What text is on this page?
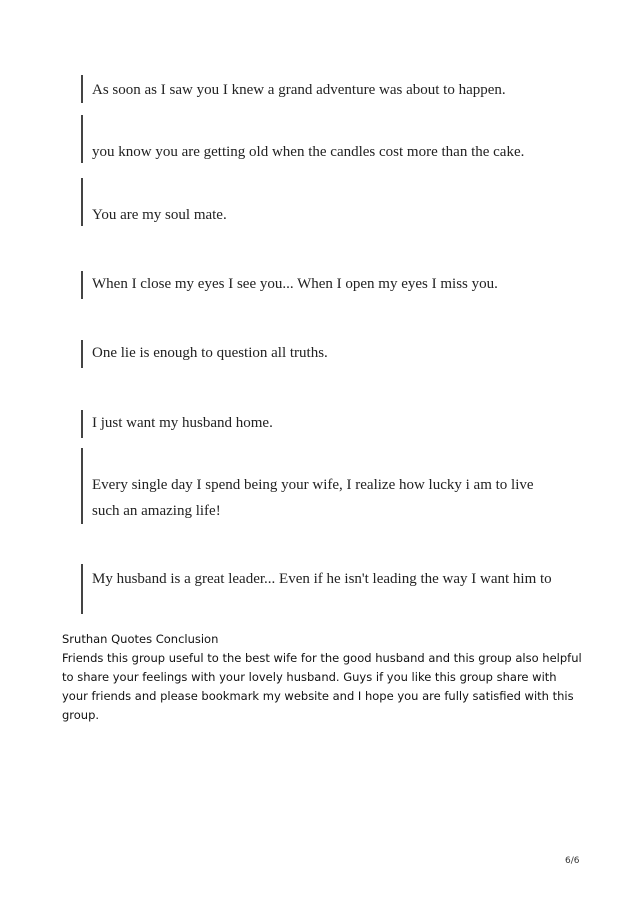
As soon as I saw you I knew a grand adventure was about to happen.
you know you are getting old when the candles cost more than the cake.
You are my soul mate.
When I close my eyes I see you... When I open my eyes I miss you.
One lie is enough to question all truths.
I just want my husband home.
Every single day I spend being your wife, I realize how lucky i am to live such an amazing life!
My husband is a great leader... Even if he isn't leading the way I want him to
Sruthan Quotes Conclusion
Friends this group useful to the best wife for the good husband and this group also helpful to share your feelings with your lovely husband. Guys if you like this group share with your friends and please bookmark my website and I hope you are fully satisfied with this group.
6/6
